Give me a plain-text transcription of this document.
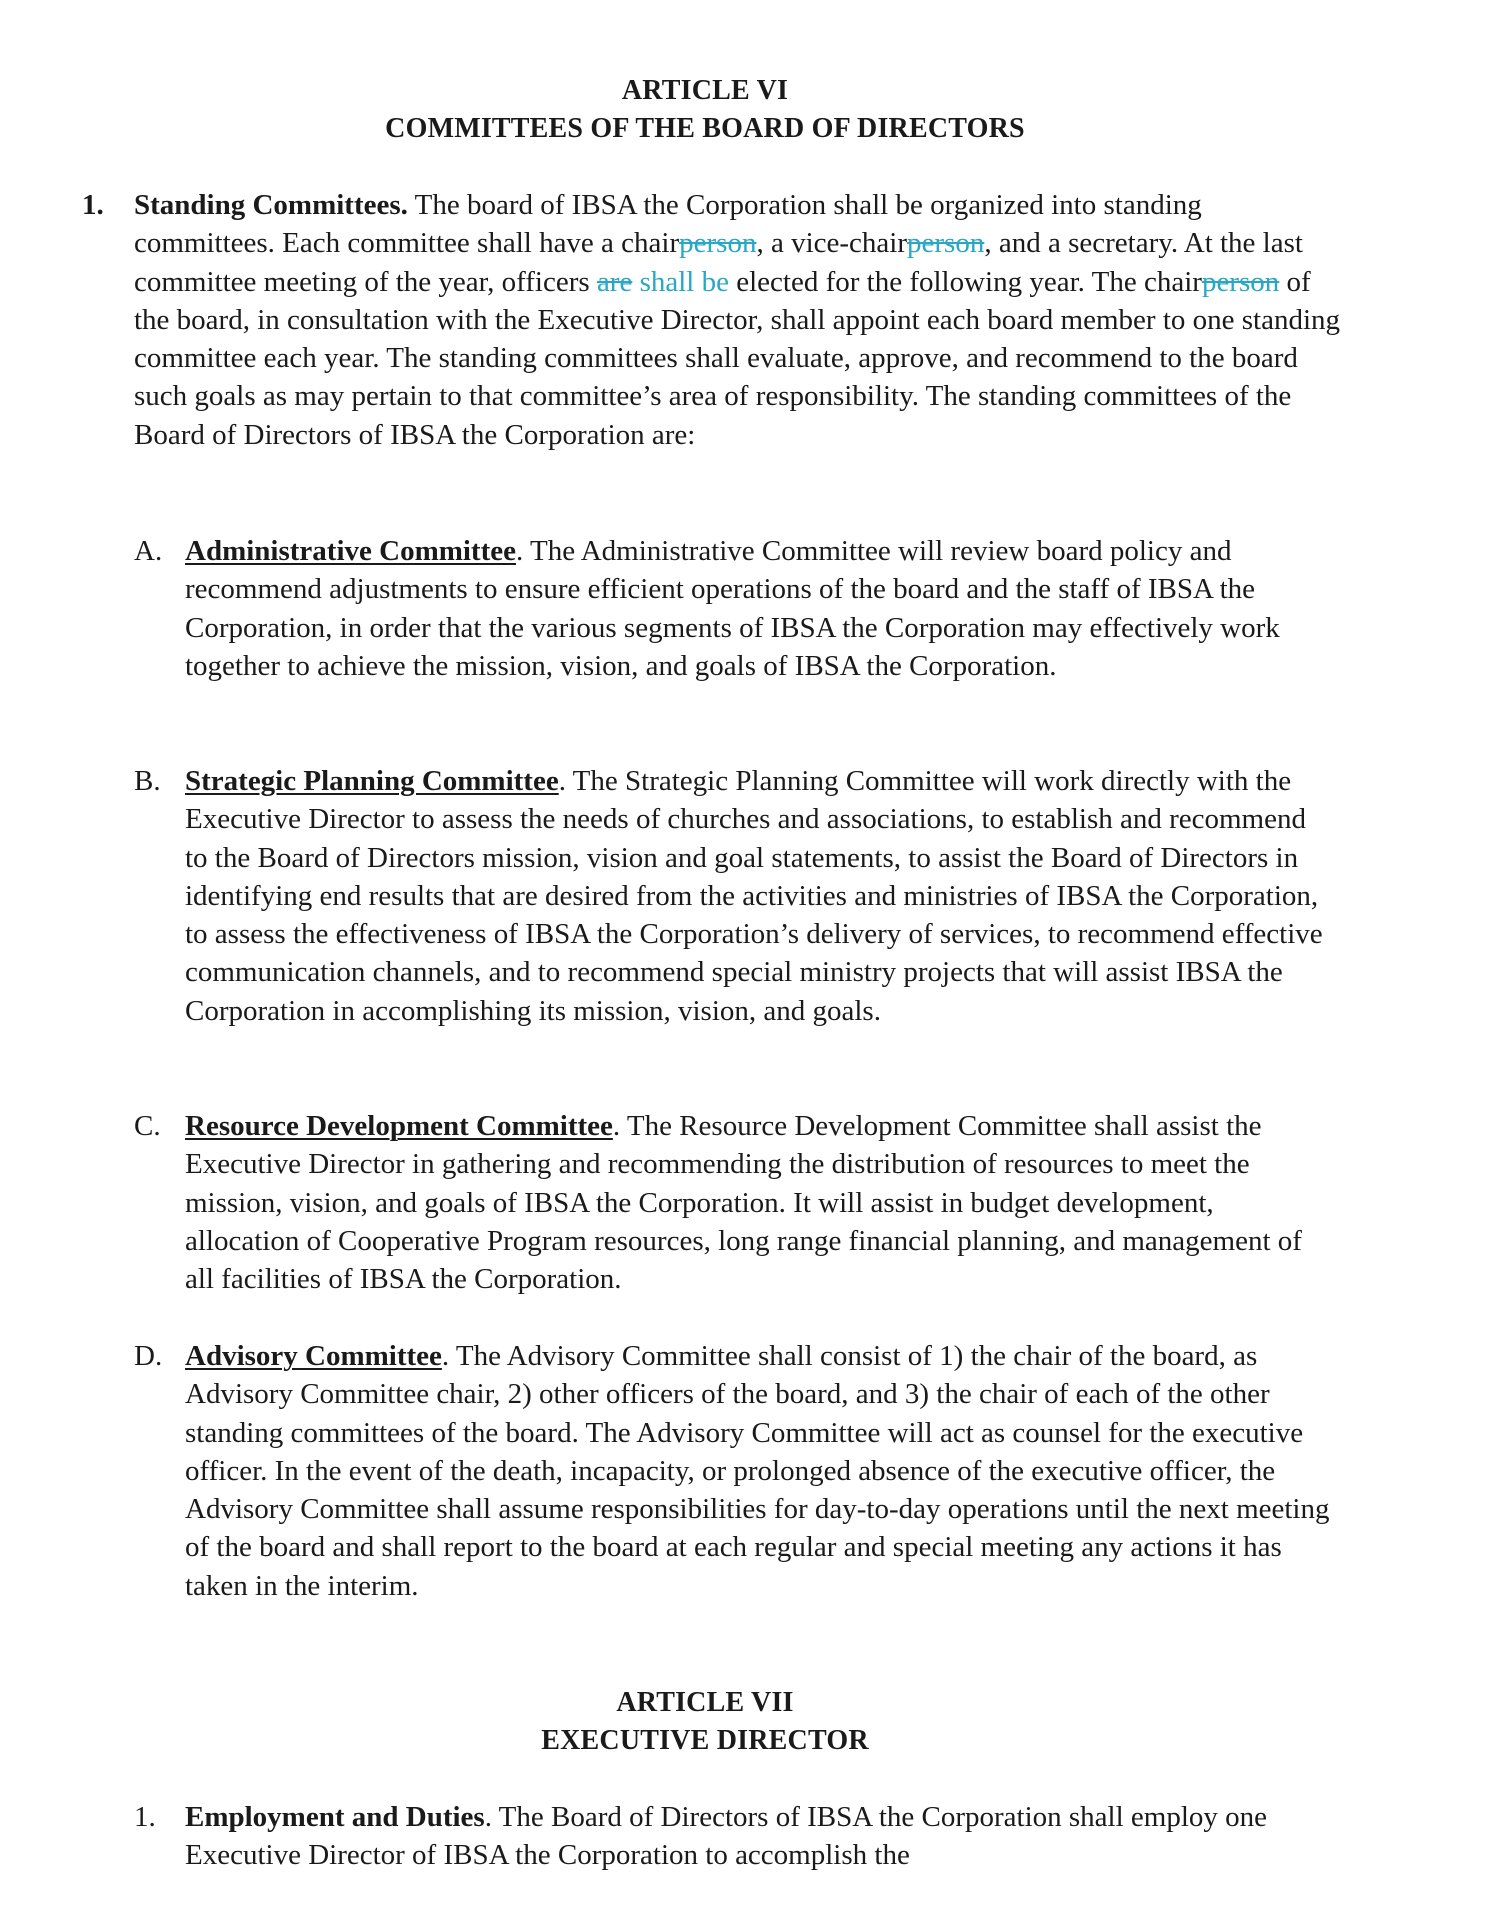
ARTICLE VI
COMMITTEES OF THE BOARD OF DIRECTORS
1. Standing Committees. The board of IBSA the Corporation shall be organized into standing committees. Each committee shall have a chairperson, a vice-chairperson, and a secretary. At the last committee meeting of the year, officers are shall be elected for the following year. The chairperson of the board, in consultation with the Executive Director, shall appoint each board member to one standing committee each year. The standing committees shall evaluate, approve, and recommend to the board such goals as may pertain to that committee’s area of responsibility. The standing committees of the Board of Directors of IBSA the Corporation are:
A. Administrative Committee. The Administrative Committee will review board policy and recommend adjustments to ensure efficient operations of the board and the staff of IBSA the Corporation, in order that the various segments of IBSA the Corporation may effectively work together to achieve the mission, vision, and goals of IBSA the Corporation.
B. Strategic Planning Committee. The Strategic Planning Committee will work directly with the Executive Director to assess the needs of churches and associations, to establish and recommend to the Board of Directors mission, vision and goal statements, to assist the Board of Directors in identifying end results that are desired from the activities and ministries of IBSA the Corporation, to assess the effectiveness of IBSA the Corporation’s delivery of services, to recommend effective communication channels, and to recommend special ministry projects that will assist IBSA the Corporation in accomplishing its mission, vision, and goals.
C. Resource Development Committee. The Resource Development Committee shall assist the Executive Director in gathering and recommending the distribution of resources to meet the mission, vision, and goals of IBSA the Corporation. It will assist in budget development, allocation of Cooperative Program resources, long range financial planning, and management of all facilities of IBSA the Corporation.
D. Advisory Committee. The Advisory Committee shall consist of 1) the chair of the board, as Advisory Committee chair, 2) other officers of the board, and 3) the chair of each of the other standing committees of the board. The Advisory Committee will act as counsel for the executive officer. In the event of the death, incapacity, or prolonged absence of the executive officer, the Advisory Committee shall assume responsibilities for day-to-day operations until the next meeting of the board and shall report to the board at each regular and special meeting any actions it has taken in the interim.
ARTICLE VII
EXECUTIVE DIRECTOR
1. Employment and Duties. The Board of Directors of IBSA the Corporation shall employ one Executive Director of IBSA the Corporation to accomplish the
